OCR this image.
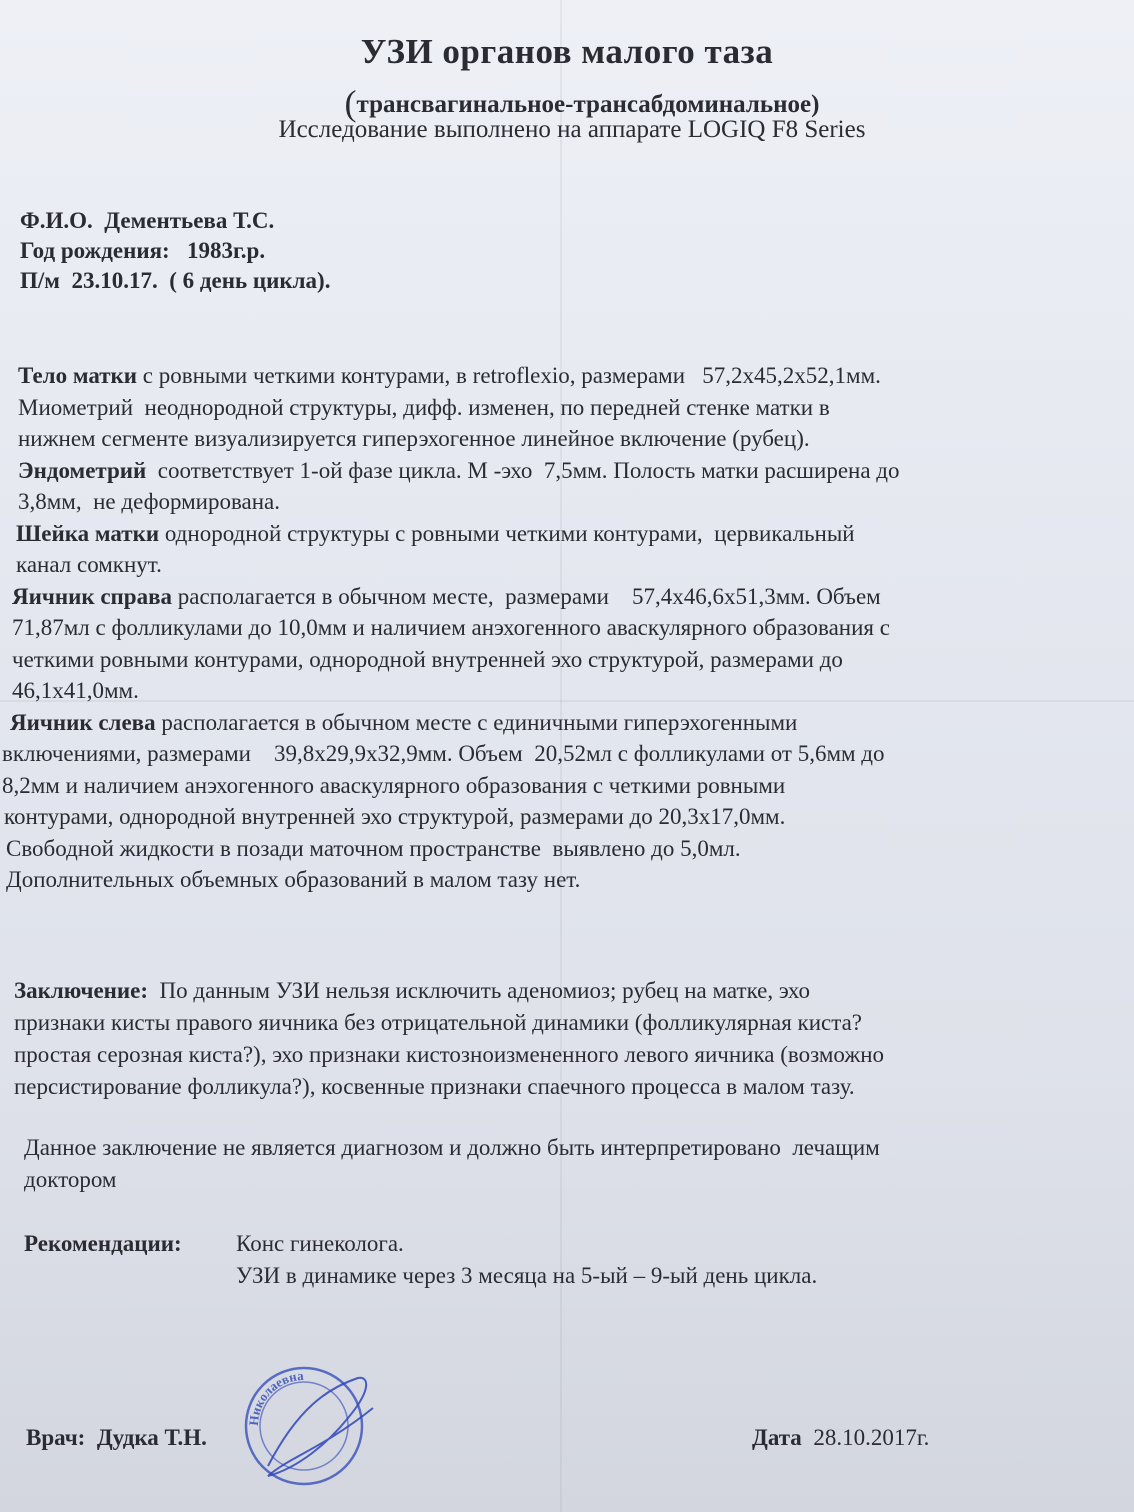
УЗИ органов малого таза
(трансвагинальное-трансабдоминальное)
Исследование выполнено на аппарате LOGIQ F8 Series
Ф.И.О. Дементьева Т.С.
Год рождения: 1983г.р.
П/м 23.10.17.  ( 6 день цикла).

Тело матки с ровными четкими контурами, в retroflexio, размерами   57,2x45,2x52,1мм.

Миометрий  неоднородной структуры, дифф. изменен, по передней стенке матки в

нижнем сегменте визуализируется гиперэхогенное линейное включение (рубец).

Эндометрий  соответствует 1-ой фазе цикла. М -эхо  7,5мм. Полость матки расширена до

3,8мм,  не деформирована.

Шейка матки однородной структуры с ровными четкими контурами,  цервикальный

канал сомкнут.

Яичник справа располагается в обычном месте,  размерами    57,4x46,6x51,3мм. Объем

71,87мл с фолликулами до 10,0мм и наличием анэхогенного аваскулярного образования с

четкими ровными контурами, однородной внутренней эхо структурой, размерами до

46,1x41,0мм.

Яичник слева располагается в обычном месте с единичными гиперэхогенными

включениями, размерами    39,8x29,9x32,9мм. Объем  20,52мл с фолликулами от 5,6мм до

8,2мм и наличием анэхогенного аваскулярного образования с четкими ровными

контурами, однородной внутренней эхо структурой, размерами до 20,3x17,0мм.

Свободной жидкости в позади маточном пространстве  выявлено до 5,0мл.

Дополнительных объемных образований в малом тазу нет.

Заключение:  По данным УЗИ нельзя исключить аденомиоз; рубец на матке, эхо

признаки кисты правого яичника без отрицательной динамики (фолликулярная киста?

простая серозная киста?), эхо признаки кистозноизмененного левого яичника (возможно

персистирование фолликула?), косвенные признаки спаечного процесса в малом тазу.

Данное заключение не является диагнозом и должно быть интерпретировано  лечащим

доктором

Рекомендации: Конс гинеколога.
УЗИ в динамике через 3 месяца на 5-ый – 9-ый день цикла.
Николаевна
Врач: Дудка Т.Н.	Дата 28.10.2017г.
